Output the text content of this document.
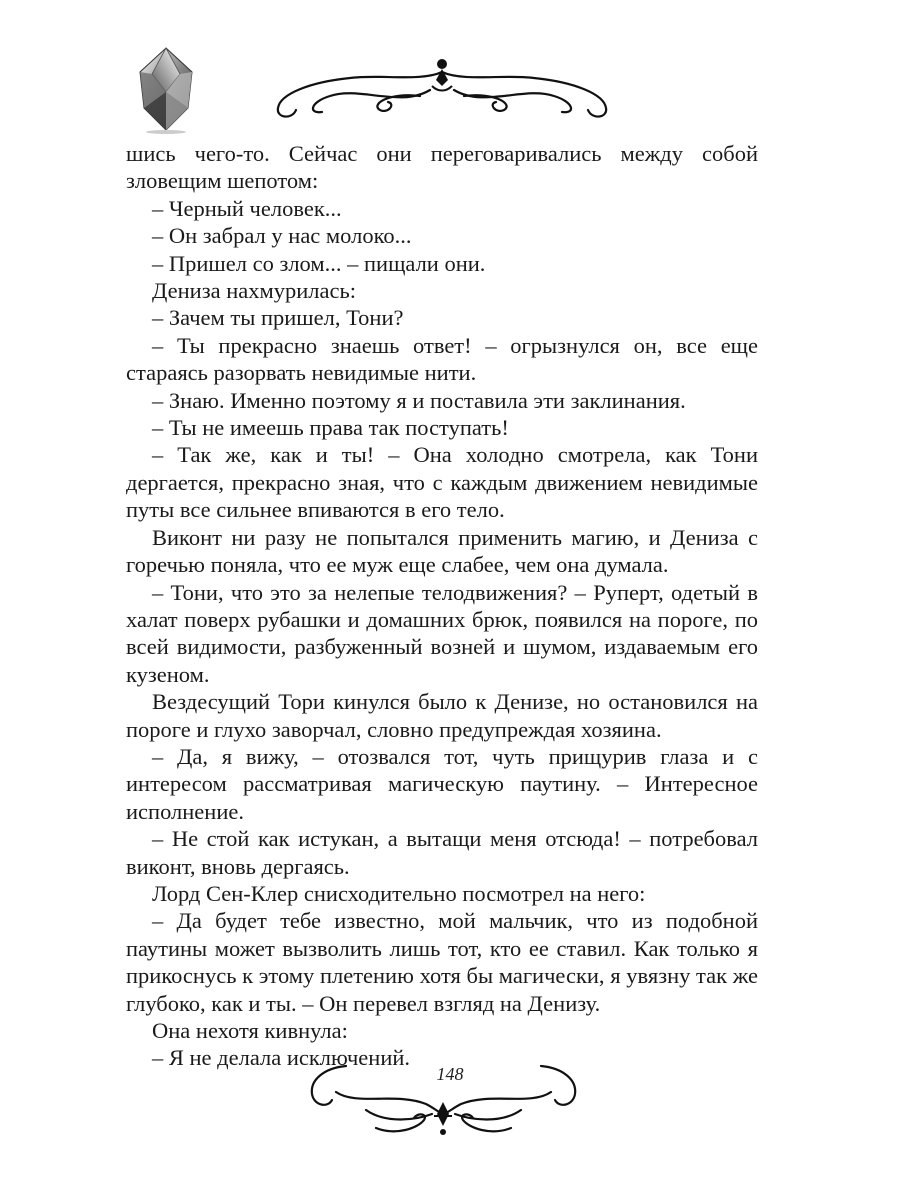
шись чего-то. Сейчас они переговаривались между собой зловещим шепотом:

– Черный человек...

– Он забрал у нас молоко...

– Пришел со злом... – пищали они.

Дениза нахмурилась:

– Зачем ты пришел, Тони?

– Ты прекрасно знаешь ответ! – огрызнулся он, все еще стараясь разорвать невидимые нити.

– Знаю. Именно поэтому я и поставила эти заклинания.

– Ты не имеешь права так поступать!

– Так же, как и ты! – Она холодно смотрела, как Тони дергается, прекрасно зная, что с каждым движением невидимые путы все сильнее впиваются в его тело.

Виконт ни разу не попытался применить магию, и Дениза с горечью поняла, что ее муж еще слабее, чем она думала.

– Тони, что это за нелепые телодвижения? – Руперт, одетый в халат поверх рубашки и домашних брюк, появился на пороге, по всей видимости, разбуженный возней и шумом, издаваемым его кузеном.

Вездесущий Тори кинулся было к Денизе, но остановился на пороге и глухо заворчал, словно предупреждая хозяина.

– Да, я вижу, – отозвался тот, чуть прищурив глаза и с интересом рассматривая магическую паутину. – Интересное исполнение.

– Не стой как истукан, а вытащи меня отсюда! – потребовал виконт, вновь дергаясь.

Лорд Сен-Клер снисходительно посмотрел на него:

– Да будет тебе известно, мой мальчик, что из подобной паутины может вызволить лишь тот, кто ее ставил. Как только я прикоснусь к этому плетению хотя бы магически, я увязну так же глубоко, как и ты. – Он перевел взгляд на Денизу.

Она нехотя кивнула:

– Я не делала исключений.

148
